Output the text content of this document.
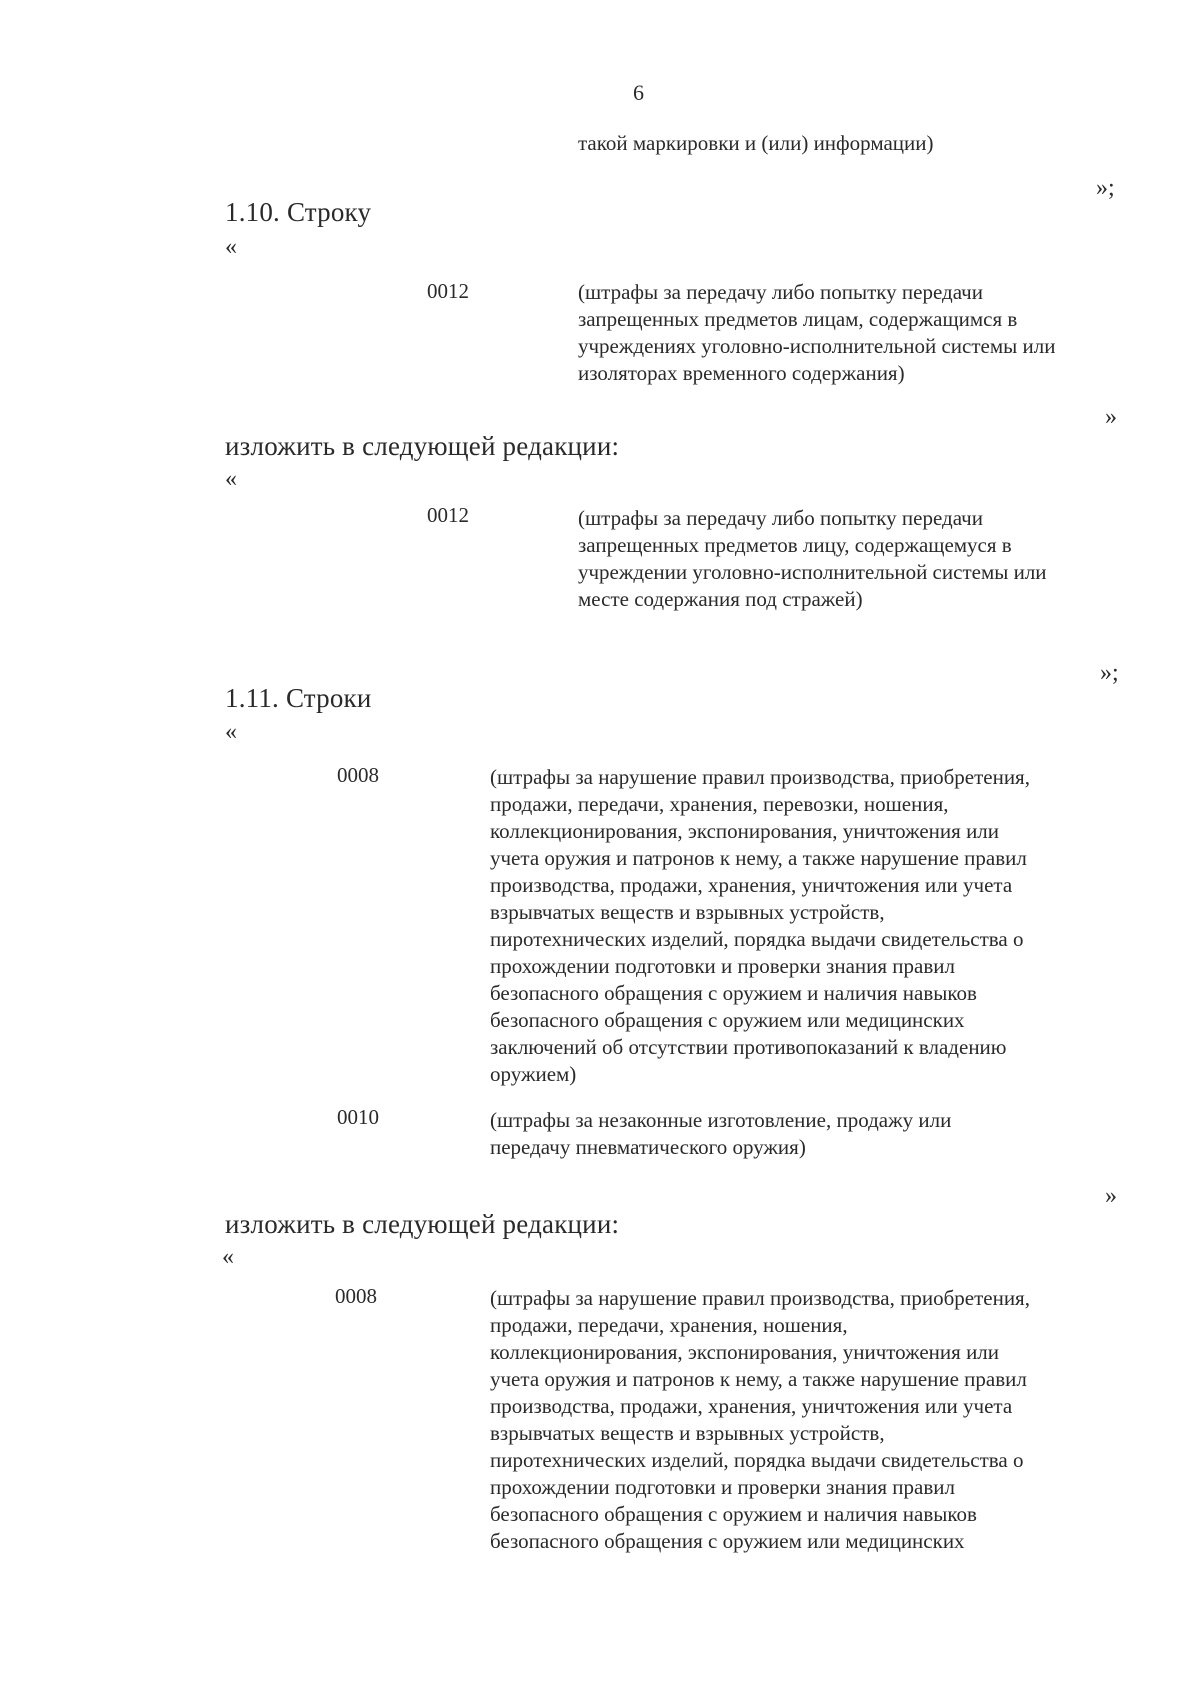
6
такой маркировки и (или) информации)
»;
1.10. Строку
«
0012	(штрафы за передачу либо попытку передачи
запрещенных предметов лицам, содержащимся в
учреждениях уголовно-исполнительной системы или
изоляторах временного содержания)
»
изложить в следующей редакции:
«
0012	(штрафы за передачу либо попытку передачи
запрещенных предметов лицу, содержащемуся в
учреждении уголовно-исполнительной системы или
месте содержания под стражей)
»;
1.11. Строки
«
0008	(штрафы за нарушение правил производства, приобретения,
продажи, передачи, хранения, перевозки, ношения,
коллекционирования, экспонирования, уничтожения или
учета оружия и патронов к нему, а также нарушение правил
производства, продажи, хранения, уничтожения или учета
взрывчатых веществ и взрывных устройств,
пиротехнических изделий, порядка выдачи свидетельства о
прохождении подготовки и проверки знания правил
безопасного обращения с оружием и наличия навыков
безопасного обращения с оружием или медицинских
заключений об отсутствии противопоказаний к владению
оружием)
0010	(штрафы за незаконные изготовление, продажу или
передачу пневматического оружия)
»
изложить в следующей редакции:
«
0008	(штрафы за нарушение правил производства, приобретения,
продажи, передачи, хранения, ношения,
коллекционирования, экспонирования, уничтожения или
учета оружия и патронов к нему, а также нарушение правил
производства, продажи, хранения, уничтожения или учета
взрывчатых веществ и взрывных устройств,
пиротехнических изделий, порядка выдачи свидетельства о
прохождении подготовки и проверки знания правил
безопасного обращения с оружием и наличия навыков
безопасного обращения с оружием или медицинских
